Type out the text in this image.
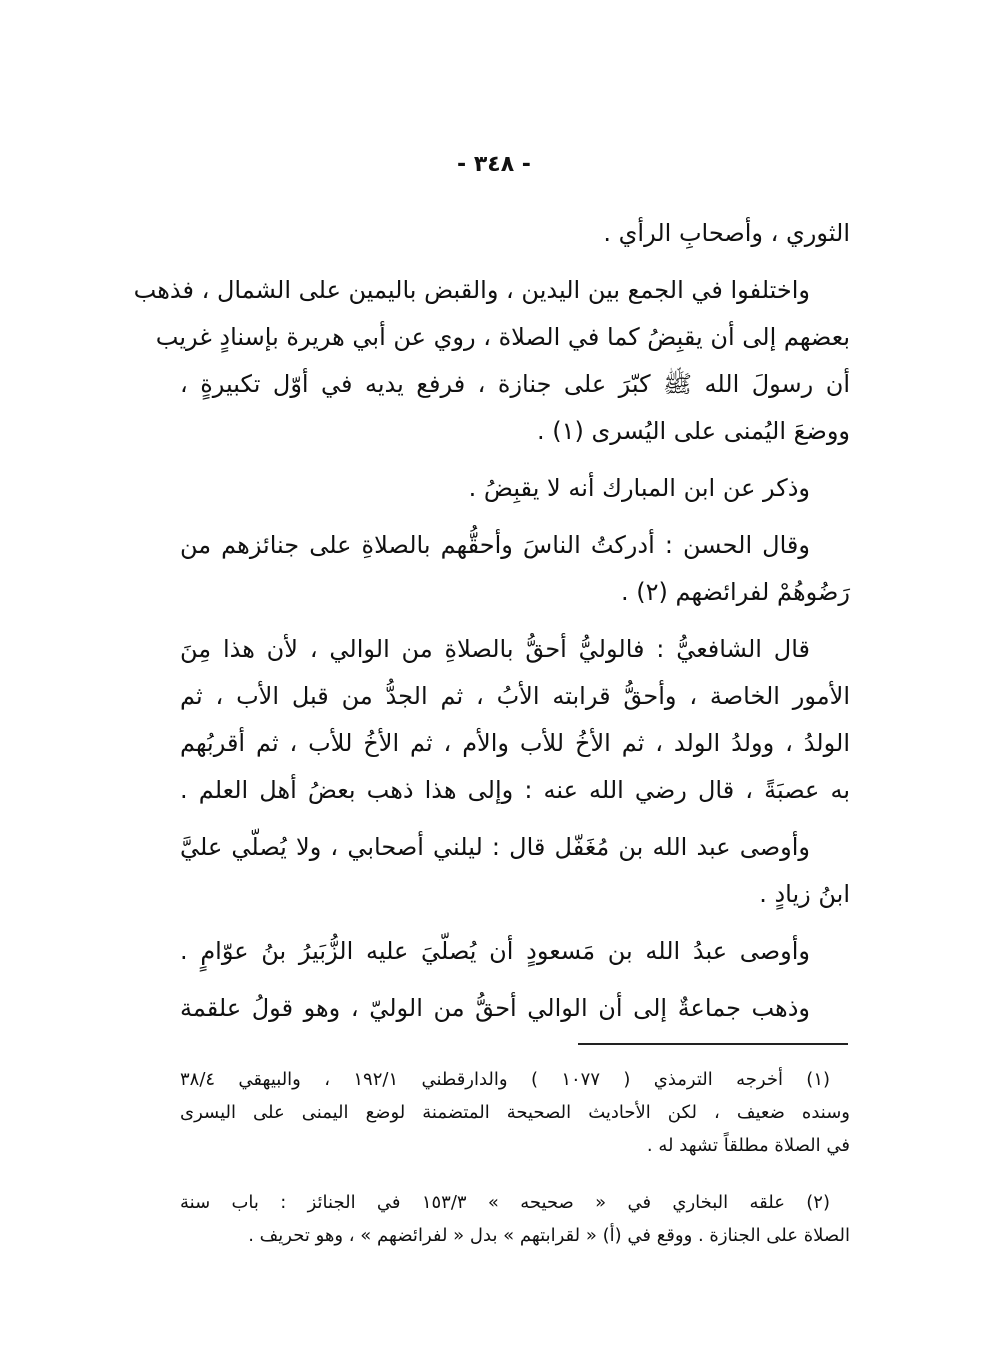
- ٣٤٨ -
الثوري ، وأصحابِ الرأي .
واختلفوا في الجمع بين اليدين ، والقبض باليمين على الشمال ، فذهب
بعضهم إلى أن يقبِضُ كما في الصلاة ، روي عن أبي هريرة بإسنادٍ غريب
أن رسولَ الله ﷺ كبّرَ على جنازة ، فرفع يديه في أوّل تكبيرةٍ ،
ووضعَ اليُمنى على اليُسرى (١) .
وذكر عن ابن المبارك أنه لا يقبِضُ .
وقال الحسن : أدركتُ الناسَ وأحقُّهم بالصلاةِ على جنائزهم من
رَضُوهُمْ لفرائضهم (٢) .
قال الشافعيُّ : فالوليُّ أحقُّ بالصلاةِ من الوالي ، لأن هذا مِنَ
الأمور الخاصة ، وأحقُّ قرابته الأبُ ، ثم الجدُّ من قبل الأب ، ثم
الولدُ ، وولدُ الولد ، ثم الأخُ للأب والأم ، ثم الأخُ للأب ، ثم أقربُهم
به عصبَةً ، قال رضي الله عنه : وإلى هذا ذهب بعضُ أهل العلم .
وأوصى عبد الله بن مُغَفّل قال : ليلني أصحابي ، ولا يُصلّي عليَّ
ابنُ زيادٍ .
وأوصى عبدُ الله بن مَسعودٍ أن يُصلّيَ عليه الزُّبَيرُ بنُ عوّامٍ .
وذهب جماعةٌ إلى أن الوالي أحقُّ من الوليّ ، وهو قولُ علقمة
(١) أخرجه الترمذي ( ١٠٧٧ ) والدارقطني ١٩٢/١ ، والبيهقي ٣٨/٤
وسنده ضعيف ، لكن الأحاديث الصحيحة المتضمنة لوضع اليمنى على اليسرى
في الصلاة مطلقاً تشهد له .
(٢) علقه البخاري في « صحيحه » ١٥٣/٣ في الجنائز : باب سنة
الصلاة على الجنازة . ووقع في (أ) « لقرابتهم » بدل « لفرائضهم » ، وهو تحريف .
